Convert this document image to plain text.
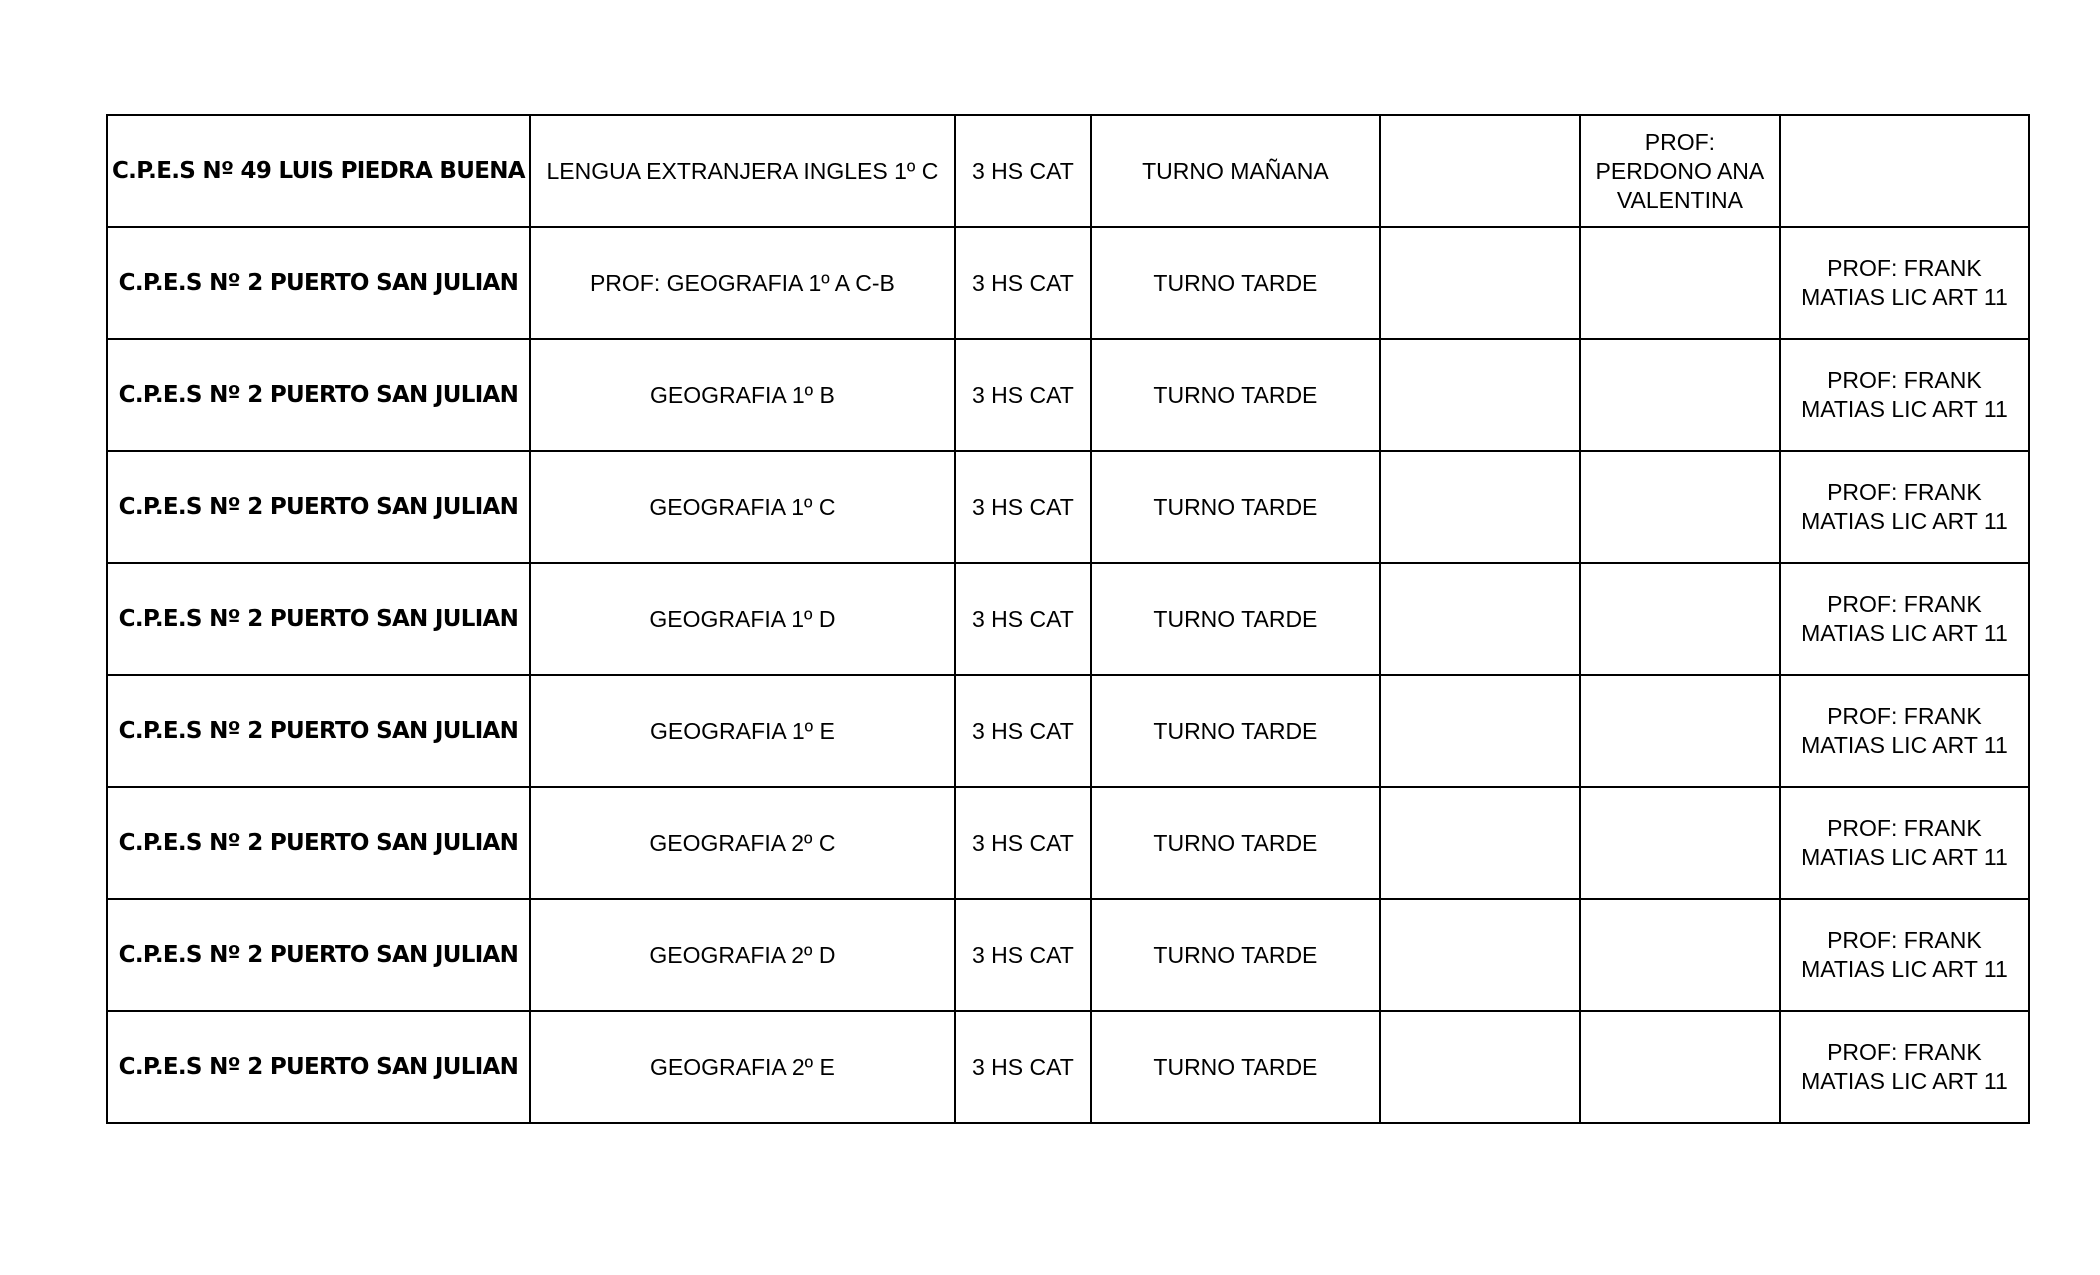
C.P.E.S Nº 49 LUIS PIEDRA BUENA	LENGUA EXTRANJERA INGLES 1º C	3 HS CAT	TURNO MAÑANA		PROF: PERDONO ANA VALENTINA	
C.P.E.S Nº 2 PUERTO SAN JULIAN	PROF: GEOGRAFIA 1º A C-B	3 HS CAT	TURNO TARDE			PROF: FRANK MATIAS LIC ART 11
C.P.E.S Nº 2 PUERTO SAN JULIAN	GEOGRAFIA 1º B	3 HS CAT	TURNO TARDE			PROF: FRANK MATIAS LIC ART 11
C.P.E.S Nº 2 PUERTO SAN JULIAN	GEOGRAFIA 1º C	3 HS CAT	TURNO TARDE			PROF: FRANK MATIAS LIC ART 11
C.P.E.S Nº 2 PUERTO SAN JULIAN	GEOGRAFIA 1º D	3 HS CAT	TURNO TARDE			PROF: FRANK MATIAS LIC ART 11
C.P.E.S Nº 2 PUERTO SAN JULIAN	GEOGRAFIA 1º E	3 HS CAT	TURNO TARDE			PROF: FRANK MATIAS LIC ART 11
C.P.E.S Nº 2 PUERTO SAN JULIAN	GEOGRAFIA 2º C	3 HS CAT	TURNO TARDE			PROF: FRANK MATIAS LIC ART 11
C.P.E.S Nº 2 PUERTO SAN JULIAN	GEOGRAFIA 2º D	3 HS CAT	TURNO TARDE			PROF: FRANK MATIAS LIC ART 11
C.P.E.S Nº 2 PUERTO SAN JULIAN	GEOGRAFIA 2º E	3 HS CAT	TURNO TARDE			PROF: FRANK MATIAS LIC ART 11
